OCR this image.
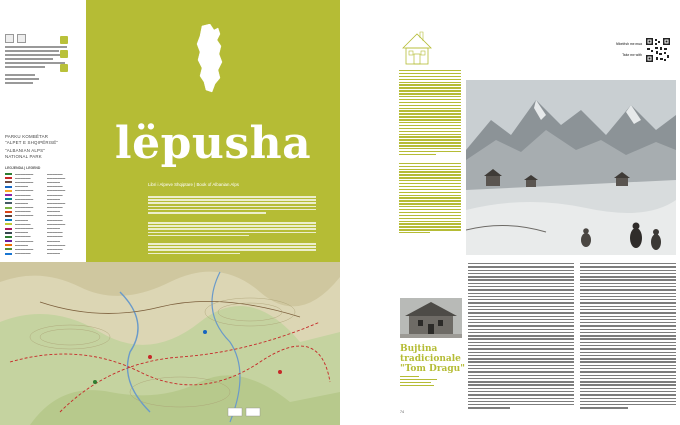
PARKU KOMBËTAR
"ALPET E SHQIPËRISË"
"ALBANIAN ALPS"
NATIONAL PARK
LEGJENDA | LEGEND
▬▬▬▬▬▬▬	▬▬▬▬▬▬
▬▬▬▬▬▬	▬▬▬▬▬▬▬
▬▬▬▬▬▬▬	▬▬▬▬▬
▬▬▬▬▬	▬▬▬▬▬▬
▬▬▬▬▬▬▬	▬▬▬▬▬▬▬
▬▬▬▬▬▬	▬▬▬▬▬▬
▬▬▬▬▬▬▬	▬▬▬▬▬
▬▬▬▬▬	▬▬▬▬▬▬▬
▬▬▬▬▬▬▬	▬▬▬▬▬▬
▬▬▬▬▬▬	▬▬▬▬▬
▬▬▬▬▬▬▬	▬▬▬▬▬▬
▬▬▬▬▬	▬▬▬▬▬▬
▬▬▬▬▬▬	▬▬▬▬▬▬▬
▬▬▬▬▬▬▬	▬▬▬▬▬
▬▬▬▬▬	▬▬▬▬▬▬
▬▬▬▬▬▬	▬▬▬▬▬▬
▬▬▬▬▬▬▬	▬▬▬▬▬
▬▬▬▬▬	▬▬▬▬▬▬▬
▬▬▬▬▬▬▬	▬▬▬▬▬▬
▬▬▬▬▬▬	▬▬▬▬▬
lëpusha
Libri i Alpeve Shqiptare | Book of Albanian Alps
Mbetësh me mua
Take me with
Bujtina
tradicionale
"Tom Dragu"
74
